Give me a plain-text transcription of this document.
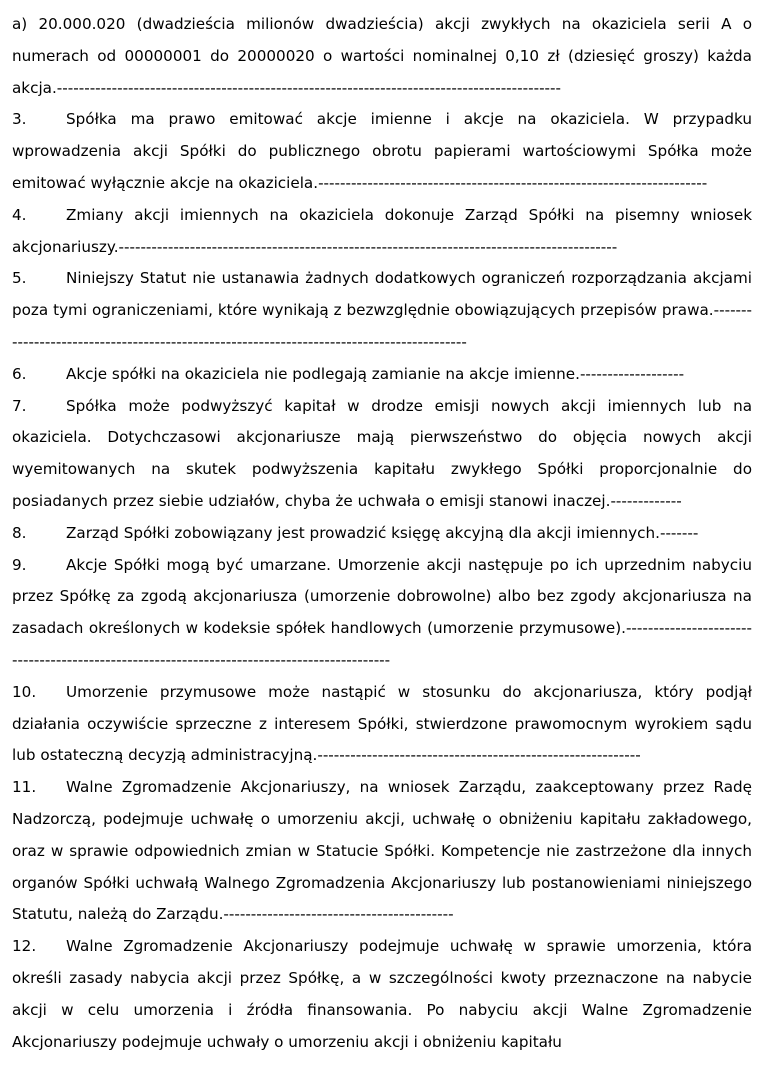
a) 20.000.020 (dwadzieścia milionów dwadzieścia) akcji zwykłych na okaziciela serii A o numerach od 00000001 do 20000020 o wartości nominalnej 0,10 zł (dziesięć groszy) każda akcja.--------------------------------------------------------------------------------------------

3.	Spółka ma prawo emitować akcje imienne i akcje na okaziciela. W przypadku wprowadzenia akcji Spółki do publicznego obrotu papierami wartościowymi Spółka może emitować wyłącznie akcje na okaziciela.-----------------------------------------------------------------------

4.	Zmiany akcji imiennych na okaziciela dokonuje Zarząd Spółki na pisemny wniosek akcjonariuszy.-------------------------------------------------------------------------------------------

5.	Niniejszy Statut nie ustanawia żadnych dodatkowych ograniczeń rozporządzania akcjami poza tymi ograniczeniami, które wynikają z bezwzględnie obowiązujących przepisów prawa.------------------------------------------------------------------------------------------

6.	Akcje spółki na okaziciela nie podlegają zamianie na akcje imienne.-------------------

7.	Spółka może podwyższyć kapitał w drodze emisji nowych akcji imiennych lub na okaziciela. Dotychczasowi akcjonariusze mają pierwszeństwo do objęcia nowych akcji wyemitowanych na skutek podwyższenia kapitału zwykłego Spółki proporcjonalnie do posiadanych przez siebie udziałów, chyba że uchwała o emisji stanowi inaczej.-------------

8.	Zarząd Spółki zobowiązany jest prowadzić księgę akcyjną dla akcji imiennych.-------

9.	Akcje Spółki mogą być umarzane. Umorzenie akcji następuje po ich uprzednim nabyciu przez Spółkę za zgodą akcjonariusza (umorzenie dobrowolne) albo bez zgody akcjonariusza na zasadach określonych w kodeksie spółek handlowych (umorzenie przymusowe).--------------------------------------------------------------------------------------------

10. Umorzenie przymusowe może nastąpić w stosunku do akcjonariusza, który podjął działania oczywiście sprzeczne z interesem Spółki, stwierdzone prawomocnym wyrokiem sądu lub ostateczną decyzją administracyjną.-----------------------------------------------------------

11. Walne Zgromadzenie Akcjonariuszy, na wniosek Zarządu, zaakceptowany przez Radę Nadzorczą, podejmuje uchwałę o umorzeniu akcji, uchwałę o obniżeniu kapitału zakładowego, oraz w sprawie odpowiednich zmian w Statucie Spółki. Kompetencje nie zastrzeżone dla innych organów Spółki uchwałą Walnego Zgromadzenia Akcjonariuszy lub postanowieniami niniejszego Statutu, należą do Zarządu.------------------------------------------

12. Walne Zgromadzenie Akcjonariuszy podejmuje uchwałę w sprawie umorzenia, która określi zasady nabycia akcji przez Spółkę, a w szczególności kwoty przeznaczone na nabycie akcji w celu umorzenia i źródła finansowania. Po nabyciu akcji Walne Zgromadzenie Akcjonariuszy podejmuje uchwały o umorzeniu akcji i obniżeniu kapitału
